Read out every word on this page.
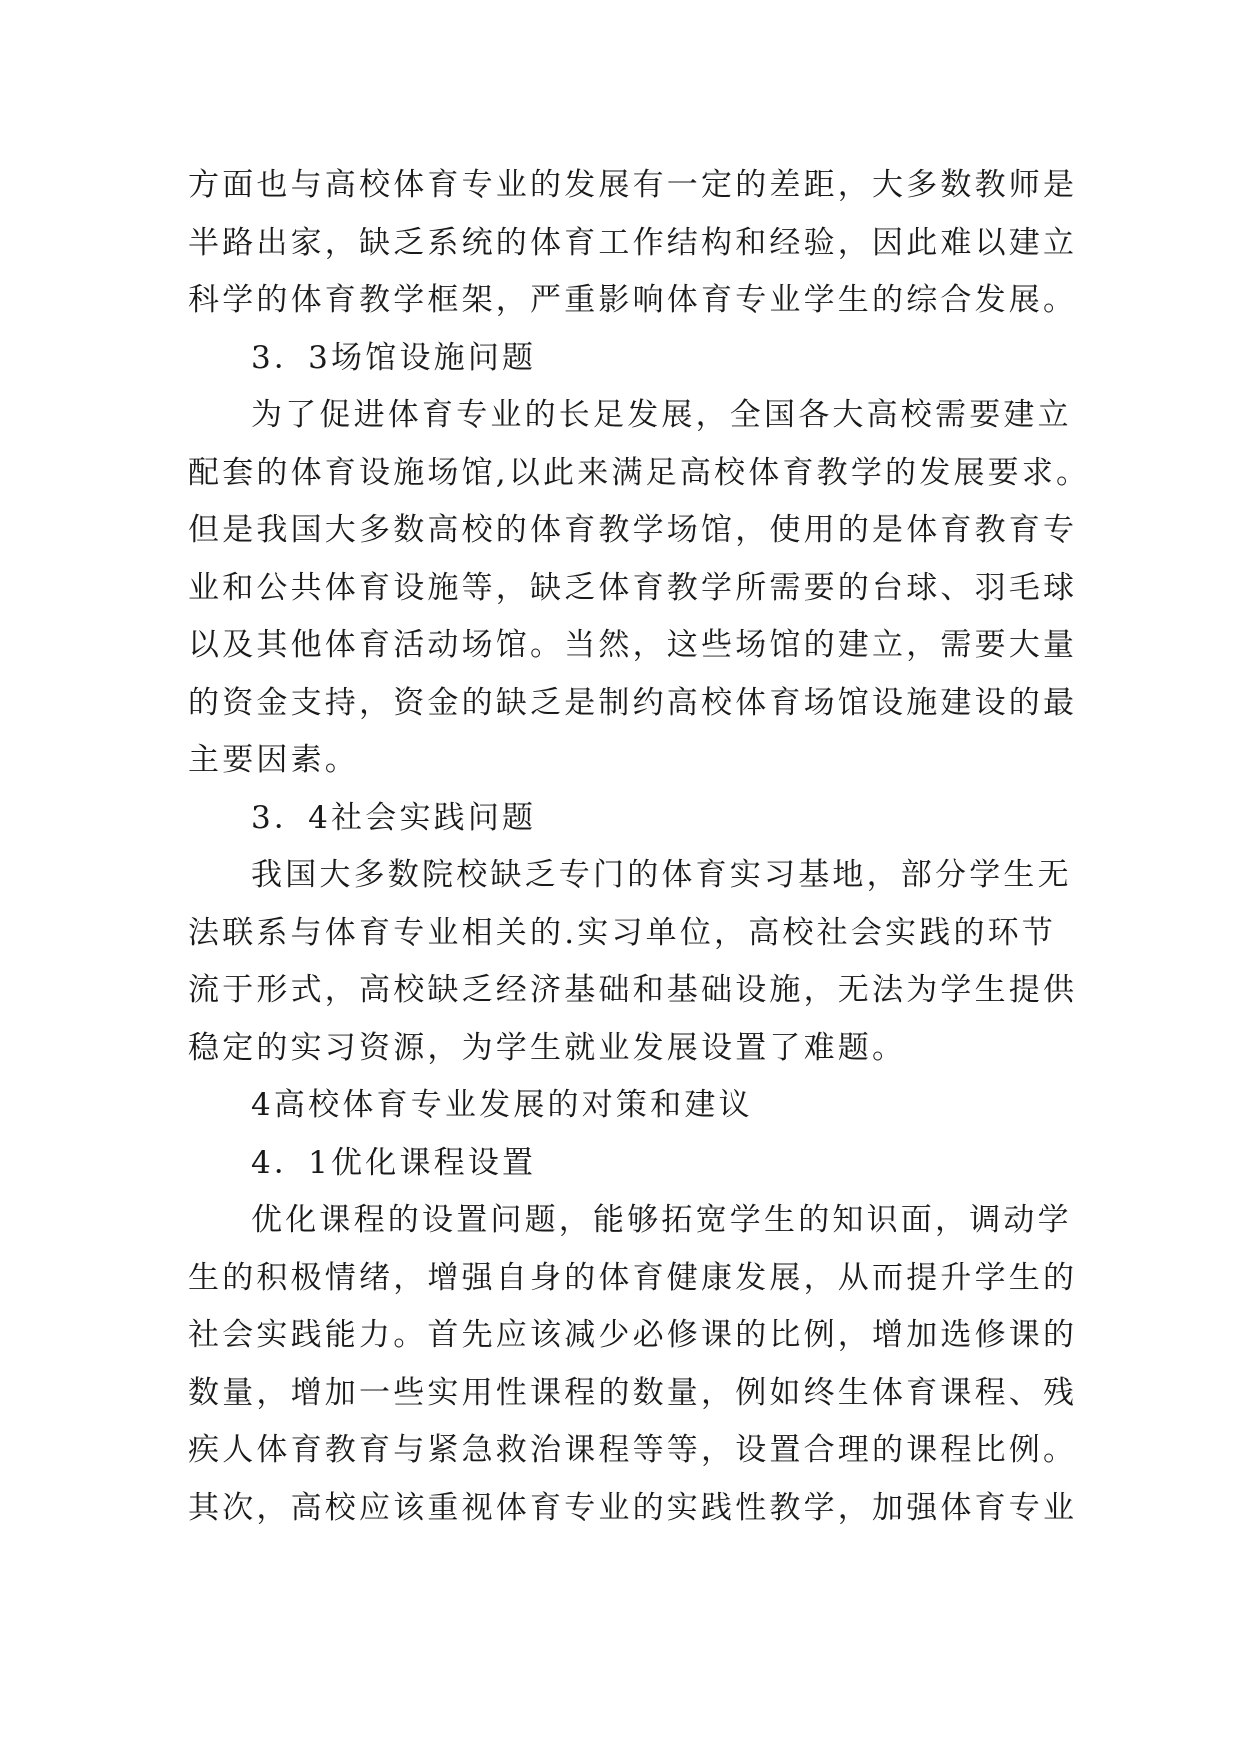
方面也与高校体育专业的发展有一定的差距，大多数教师是
半路出家，缺乏系统的体育工作结构和经验，因此难以建立
科学的体育教学框架，严重影响体育专业学生的综合发展。
3．3场馆设施问题
为了促进体育专业的长足发展，全国各大高校需要建立
配套的体育设施场馆,以此来满足高校体育教学的发展要求。
但是我国大多数高校的体育教学场馆，使用的是体育教育专
业和公共体育设施等，缺乏体育教学所需要的台球、羽毛球
以及其他体育活动场馆。当然，这些场馆的建立，需要大量
的资金支持，资金的缺乏是制约高校体育场馆设施建设的最
主要因素。
3．4社会实践问题
我国大多数院校缺乏专门的体育实习基地，部分学生无
法联系与体育专业相关的.实习单位，高校社会实践的环节
流于形式，高校缺乏经济基础和基础设施，无法为学生提供
稳定的实习资源，为学生就业发展设置了难题。
4高校体育专业发展的对策和建议
4．1优化课程设置
优化课程的设置问题，能够拓宽学生的知识面，调动学
生的积极情绪，增强自身的体育健康发展，从而提升学生的
社会实践能力。首先应该减少必修课的比例，增加选修课的
数量，增加一些实用性课程的数量，例如终生体育课程、残
疾人体育教育与紧急救治课程等等，设置合理的课程比例。
其次，高校应该重视体育专业的实践性教学，加强体育专业
